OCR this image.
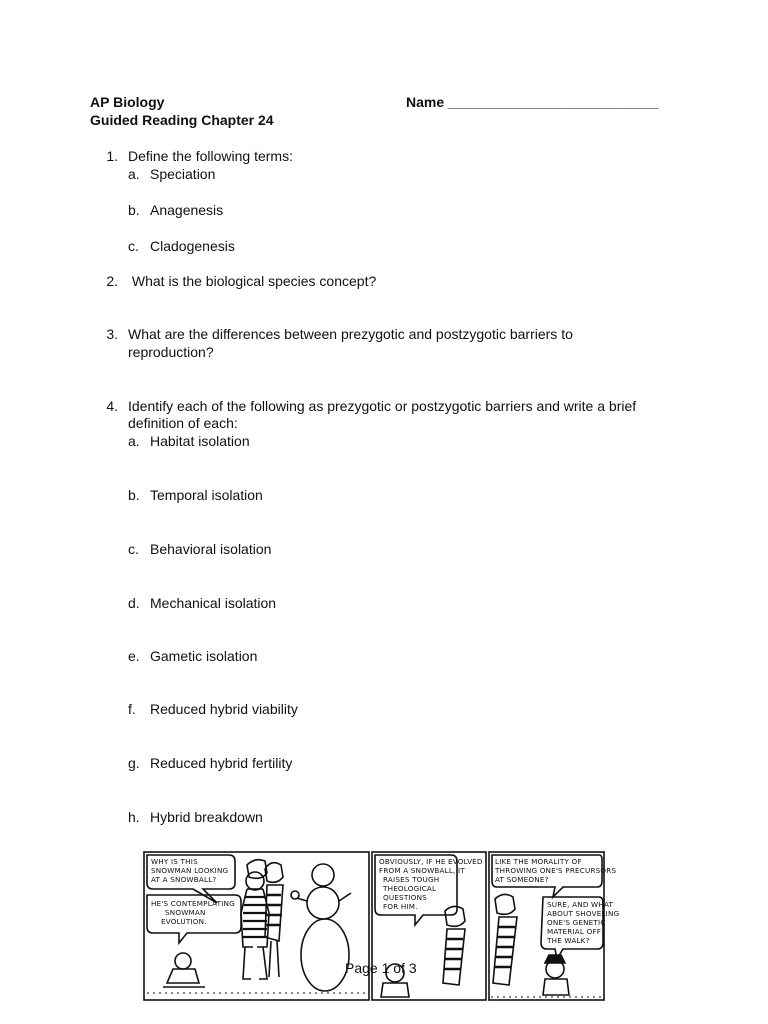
AP Biology	Name ___________________________
Guided Reading Chapter 24
1. Define the following terms:
a. Speciation
b. Anagenesis
c. Cladogenesis
2. What is the biological species concept?
3. What are the differences between prezygotic and postzygotic barriers to
reproduction?
4. Identify each of the following as prezygotic or postzygotic barriers and write a brief
definition of each:
a. Habitat isolation
b. Temporal isolation
c. Behavioral isolation
d. Mechanical isolation
e. Gametic isolation
f. Reduced hybrid viability
g. Reduced hybrid fertility
h. Hybrid breakdown
WHY IS THIS
SNOWMAN LOOKING
AT A SNOWBALL?
HE'S CONTEMPLATING
SNOWMAN
EVOLUTION.
OBVIOUSLY, IF HE EVOLVED
FROM A SNOWBALL, IT
RAISES TOUGH
THEOLOGICAL
QUESTIONS
FOR HIM.
LIKE THE MORALITY OF
THROWING ONE'S PRECURSORS
AT SOMEONE?
SURE, AND WHAT
ABOUT SHOVELING
ONE'S GENETIC
MATERIAL OFF
THE WALK?
Page 1 of 3
